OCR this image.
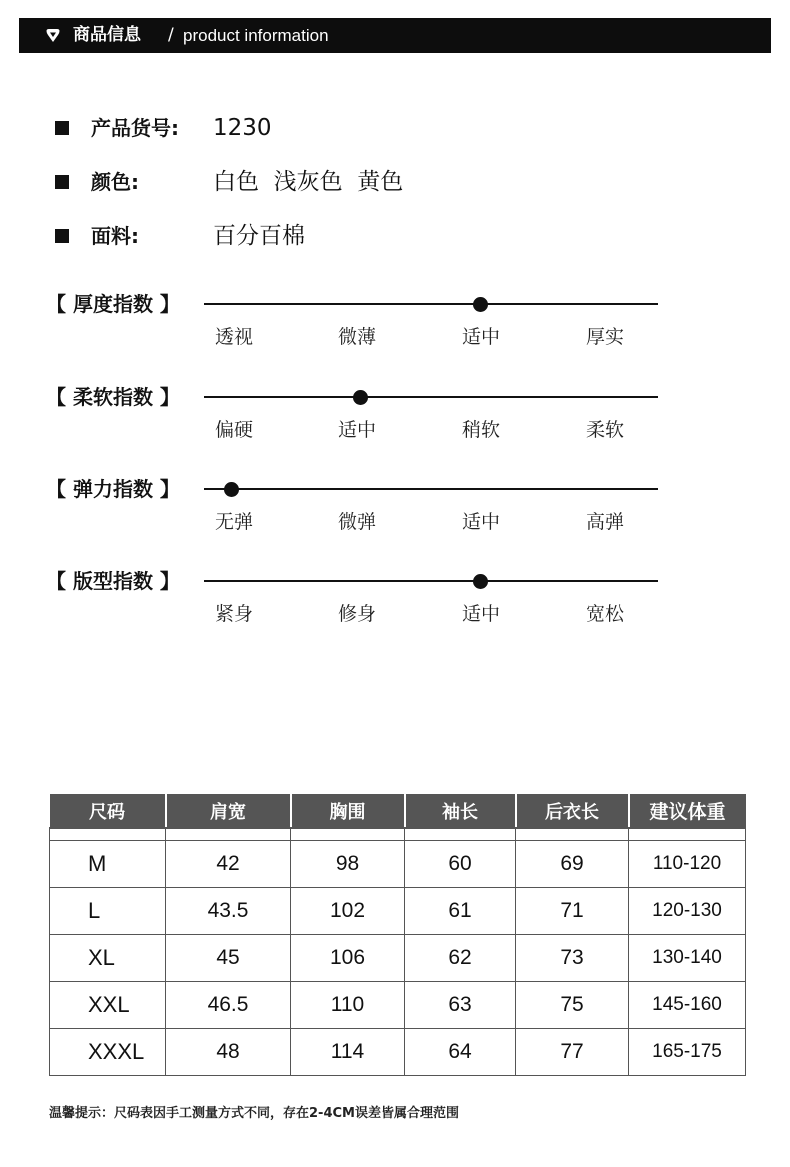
商品信息 / product information
产品货号: 1230
颜色:	白色  浅灰色  黄色
面料:	百分百棉
【 厚度指数 】
透视	微薄	适中	厚实
【 柔软指数 】
偏硬	适中	稍软	柔软
【 弹力指数 】
无弹	微弹	适中	高弹
【 版型指数 】
紧身	修身	适中	宽松
尺码	肩宽	胸围	袖长	后衣长	建议体重

M	42	98	60	69	110-120
L	43.5	102	61	71	120-130
XL	45	106	62	73	130-140
XXL	46.5	110	63	75	145-160
XXXL	48	114	64	77	165-175
温馨提示：尺码表因手工测量方式不同，存在2-4CM误差皆属合理范围
